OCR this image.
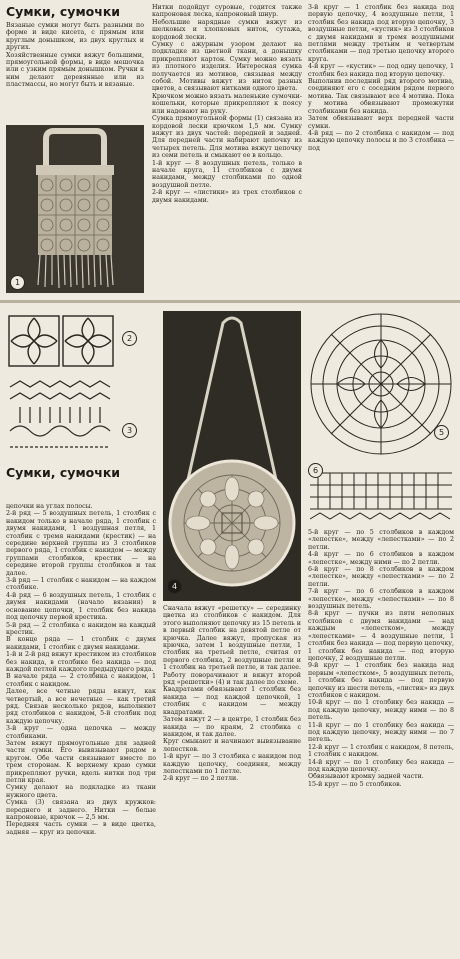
Сумки, сумочки
Вязаные сумки могут быть разными по форме и виде кисета, с прямым или круглым донышком, из двух круглых и других.
Хозяйственные сумки вяжут большими, прямоугольной формы, в виде мешочка или с узким прямым донышком. Ручки к ним делают деревянные или из пластмассы, но могут быть и вязаные.
1
Нитки подойдут суровые, годится также капроновая леска, капроновый шнур.
Небольшие нарядные сумки вяжут из шелковых и хлопковых ниток, сутажа, кордовой лески.
Сумку с ажурным узором делают на подкладке из цветной ткани, а донышку прикрепляют картон. Сумку можно вязать из плотного изделия. Интересная сумка получается из мотивов, связывая между собой. Мотивы вяжут из ниток разных цветов, а связывают нитками одного цвета.
Крючком можно вязать маленькие сумочки-кошельки, которые прикрепляют к поясу или надевают на руку.
Сумка прямоугольной формы (1) связана из кордовой лески крючком 1,5 мм. Сумку вяжут из двух частей: передней и задней. Для передней части набирают цепочку из четырех петель. Для мотива вяжут цепочку из семи петель и смыкают ее в кольцо.
1-й круг — 8 воздушных петель, только в начале круга, 11 столбиков с двумя накидами, между столбиками по одной воздушной петле.
2-й круг — «листики» из трех столбиков с двумя накидами.
3-й круг — 1 столбик без накида под первую цепочку, 4 воздушные петли, 1 столбик без накида под вторую цепочку, 3 воздушные петли, «кустик» из 3 столбиков с двумя накидами и тремя воздушными петлями между третьим и четвертым столбиками — под третью цепочку второго круга.
4-й круг — «кустик» — под одну цепочку, 1 столбик без накида под вторую цепочку.
Выполнив последний ряд второго мотива, соединяют его с соседним рядом первого мотива. Так связывают все 4 мотива. Пока у мотива обвязывают промежутки столбиками без накида.
Затем обвязывают верх передней части сумки.
4-й ряд — по 2 столбика с накидом — под каждую цепочку полосы и по 3 столбика — под
2
3
Сумки, сумочки
цепочки на углах полосы.
2-й ряд — 5 воздушных петель, 1 столбик с накидом только в начале ряда, 1 столбик с двумя накидами, 1 воздушная петля, 1 столбик с тремя накидами (крестик) — на середине верхней группы из 3 столбиков первого ряда, 1 столбик с накидом — между группами столбиков, крестик — на середине второй группы столбиков и так далее.
3-й ряд — 1 столбик с накидом — на каждом столбике.
4-й ряд — 6 воздушных петель, 1 столбик с двумя накидами (начало вязания) в основание цепочки, 1 столбик без накида под цепочку первой крестика.
5-й ряд — 2 столбика с накидом на каждый крестик.
В конце ряда — 1 столбик с двумя накидами, 1 столбик с двумя накидами.
1-й и 2-й ряд вяжут крестиком из столбиков без накида, в столбике без накида — под каждой петлей каждого предыдущего ряда.
В начале ряда — 2 столбика с накидом, 1 столбик с накидом.
Далее, все четные ряды вяжут, как четвертый, а все нечетные — как третий ряд. Связав несколько рядов, выполняют ряд столбиков с накидом, 5-й столбик под каждую цепочку.
3-й круг — одна цепочка — между столбиками.
Затем вяжут прямоугольные для задней части сумки. Его вывязывают рядом в кругом. Обе части связывают вместе по трем сторонам. К верхнему краю сумки прикрепляют ручки, вдель нитки под три петли края.
Сумку делают на подкладке из ткани нужного цвета.
Сумка (3) связана из двух кружков: переднего и заднего. Нитки — белые капроновые, крючок — 2,5 мм.
Передняя часть сумки — в виде цветка, задняя — круг из цепочки.
4
5
6
Сначала вяжут «решетку» — серединку цветка из столбиков с накидом. Для этого выполняют цепочку из 15 петель и в первый столбик на девятой петле от крючка. Далее вяжут, пропуская из крючка, затем 1 воздушные петли, 1 столбик на третьей петле, считая от первого столбика, 2 воздушные петли и 1 столбик на третьей петле, и так далее. Работу поворачивают и вяжут второй ряд «решетки» (4) и так далее по схеме.
Квадратами обвязывают 1 столбик без накида — под каждой цепочкой, 1 столбик с накидом — между квадратами.
Затем вяжут 2 — в центре, 1 столбик без накида — по краям, 2 столбика с накидом, и так далее.
Круг смыкают и начинают вывязывание лепестков.
1-й круг — по 3 столбика с накидом под каждую цепочку, соединяя, между лепестками по 1 петле.
2-й круг — по 2 петли.
5-й круг — по 5 столбиков в каждом «лепестке», между «лепестками» — по 2 петли.
4-й круг — по 6 столбиков в каждом «лепестке», между ними — по 2 петли.
6-й круг — по 8 столбиков в каждом «лепестке», между «лепестками» — по 2 петли.
7-й круг — по 6 столбиков в каждом «лепестке», между «лепестками» — по 8 воздушных петель.
8-й круг — пучки из пяти неполных столбиков с двумя накидами — над каждым «лепестком», между «лепестками» — 4 воздушные петли, 1 столбик без накида — под первую цепочку, 1 столбик без накида — под вторую цепочку, 2 воздушные петли.
9-й круг — 1 столбик без накида над первым «лепестком», 5 воздушных петель, 1 столбик без накида — под первую цепочку из шести петель, «листик» из двух столбиков с накидом.
10-й круг — по 1 столбику без накида — под каждую цепочку, между ними — по 8 петель.
11-й круг — по 1 столбику без накида — под каждую цепочку, между ними — по 7 петель.
12-й круг — 1 столбик с накидом, 8 петель, 1 столбик с накидом.
14-й круг — по 1 столбику без накида — под каждую цепочку.
Обвязывают кромку задней части.
15-й круг — по 5 столбиков.
